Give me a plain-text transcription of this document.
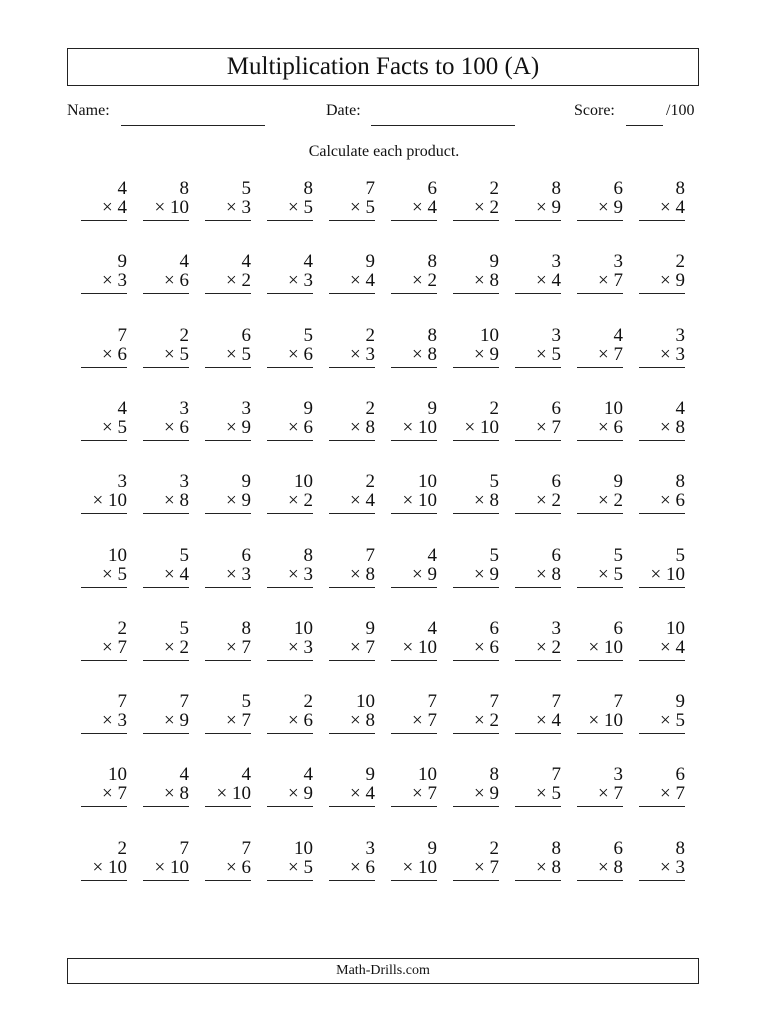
Multiplication Facts to 100 (A)
Name:	Date:	Score:	/100
Calculate each product.
4
× 4
8
× 10
5
× 3
8
× 5
7
× 5
6
× 4
2
× 2
8
× 9
6
× 9
8
× 4
9
× 3
4
× 6
4
× 2
4
× 3
9
× 4
8
× 2
9
× 8
3
× 4
3
× 7
2
× 9
7
× 6
2
× 5
6
× 5
5
× 6
2
× 3
8
× 8
10
× 9
3
× 5
4
× 7
3
× 3
4
× 5
3
× 6
3
× 9
9
× 6
2
× 8
9
× 10
2
× 10
6
× 7
10
× 6
4
× 8
3
× 10
3
× 8
9
× 9
10
× 2
2
× 4
10
× 10
5
× 8
6
× 2
9
× 2
8
× 6
10
× 5
5
× 4
6
× 3
8
× 3
7
× 8
4
× 9
5
× 9
6
× 8
5
× 5
5
× 10
2
× 7
5
× 2
8
× 7
10
× 3
9
× 7
4
× 10
6
× 6
3
× 2
6
× 10
10
× 4
7
× 3
7
× 9
5
× 7
2
× 6
10
× 8
7
× 7
7
× 2
7
× 4
7
× 10
9
× 5
10
× 7
4
× 8
4
× 10
4
× 9
9
× 4
10
× 7
8
× 9
7
× 5
3
× 7
6
× 7
2
× 10
7
× 10
7
× 6
10
× 5
3
× 6
9
× 10
2
× 7
8
× 8
6
× 8
8
× 3
Math-Drills.com
